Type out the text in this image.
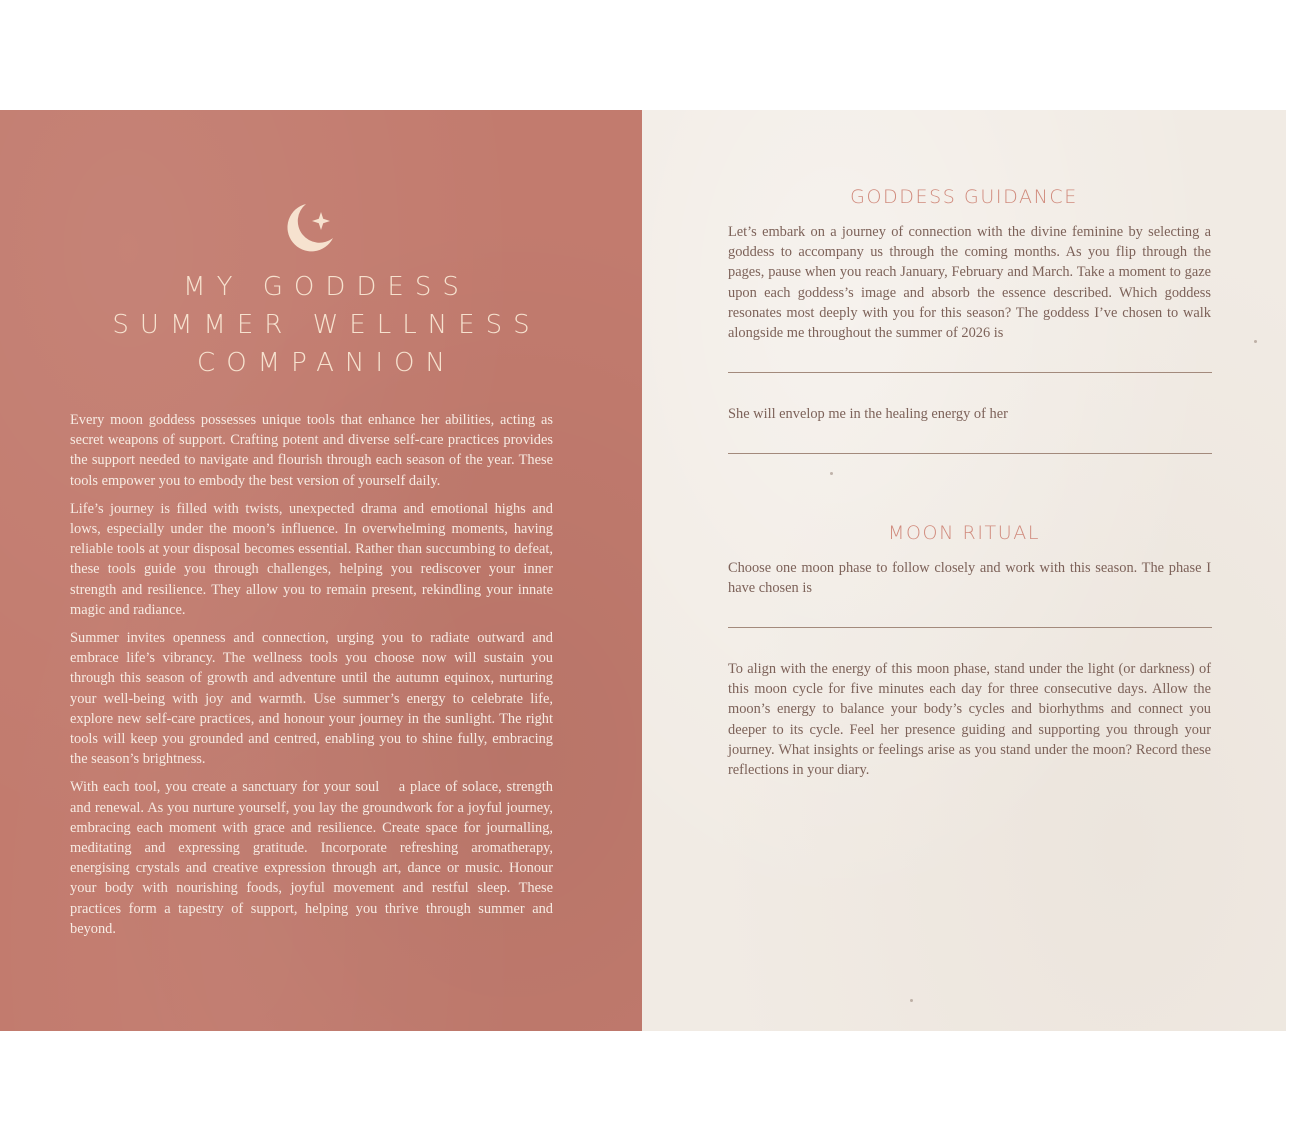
MY GODDESS
SUMMER WELLNESS
COMPANION

Every moon goddess possesses unique tools that enhance her abilities, acting as secret weapons of support. Crafting potent and diverse self-care practices provides the support needed to navigate and flourish through each season of the year. These tools empower you to embody the best version of yourself daily.

Life’s journey is filled with twists, unexpected drama and emotional highs and lows, especially under the moon’s influence. In overwhelming moments, having reliable tools at your disposal becomes essential. Rather than succumbing to defeat, these tools guide you through challenges, helping you rediscover your inner strength and resilience. They allow you to remain present, rekindling your innate magic and radiance.

Summer invites openness and connection, urging you to radiate outward and embrace life’s vibrancy. The wellness tools you choose now will sustain you through this season of growth and adventure until the autumn equinox, nurturing your well-being with joy and warmth. Use summer’s energy to celebrate life, explore new self-care practices, and honour your journey in the sunlight. The right tools will keep you grounded and centred, enabling you to shine fully, embracing the season’s brightness.

With each tool, you create a sanctuary for your soul    a place of solace, strength and renewal. As you nurture yourself, you lay the groundwork for a joyful journey, embracing each moment with grace and resilience. Create space for journalling, meditating and expressing gratitude. Incorporate refreshing aromatherapy, energising crystals and creative expression through art, dance or music. Honour your body with nourishing foods, joyful movement and restful sleep. These practices form a tapestry of support, helping you thrive through summer and beyond.

GODDESS GUIDANCE
Let’s embark on a journey of connection with the divine feminine by selecting a goddess to accompany us through the coming months. As you flip through the pages, pause when you reach January, February and March. Take a moment to gaze upon each goddess’s image and absorb the essence described. Which goddess resonates most deeply with you for this season? The goddess I’ve chosen to walk alongside me throughout the summer of 2026 is
She will envelop me in the healing energy of her
MOON RITUAL
Choose one moon phase to follow closely and work with this season. The phase I have chosen is
To align with the energy of this moon phase, stand under the light (or darkness) of this moon cycle for five minutes each day for three consecutive days. Allow the moon’s energy to balance your body’s cycles and biorhythms and connect you deeper to its cycle. Feel her presence guiding and supporting you through your journey. What insights or feelings arise as you stand under the moon? Record these reflections in your diary.
